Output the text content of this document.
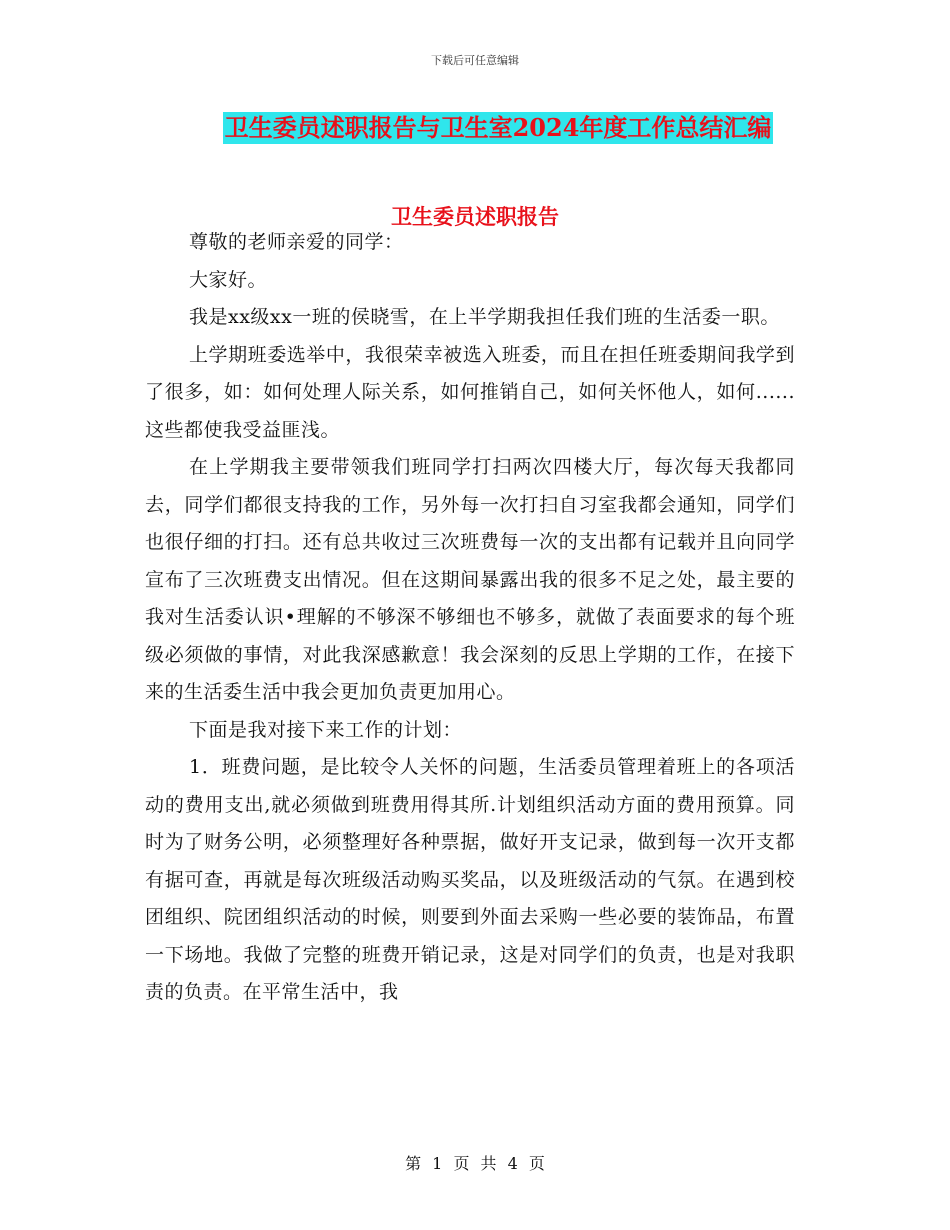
下载后可任意编辑
卫生委员述职报告与卫生室2024年度工作总结汇编
卫生委员述职报告

尊敬的老师亲爱的同学：

大家好。

我是xx级xx一班的侯晓雪，在上半学期我担任我们班的生活委一职。

上学期班委选举中，我很荣幸被选入班委，而且在担任班委期间我学到了很多，如：如何处理人际关系，如何推销自己，如何关怀他人，如何......这些都使我受益匪浅。

在上学期我主要带领我们班同学打扫两次四楼大厅，每次每天我都同去，同学们都很支持我的工作，另外每一次打扫自习室我都会通知，同学们也很仔细的打扫。还有总共收过三次班费每一次的支出都有记载并且向同学宣布了三次班费支出情况。但在这期间暴露出我的很多不足之处，最主要的我对生活委认识•理解的不够深不够细也不够多，就做了表面要求的每个班级必须做的事情，对此我深感歉意！我会深刻的反思上学期的工作，在接下来的生活委生活中我会更加负责更加用心。

下面是我对接下来工作的计划：

1．班费问题，是比较令人关怀的问题，生活委员管理着班上的各项活动的费用支出,就必须做到班费用得其所.计划组织活动方面的费用预算。同时为了财务公明，必须整理好各种票据，做好开支记录，做到每一次开支都有据可查，再就是每次班级活动购买奖品，以及班级活动的气氛。在遇到校团组织、院团组织活动的时候，则要到外面去采购一些必要的装饰品，布置一下场地。我做了完整的班费开销记录，这是对同学们的负责，也是对我职责的负责。在平常生活中，我

第 1 页 共 4 页
